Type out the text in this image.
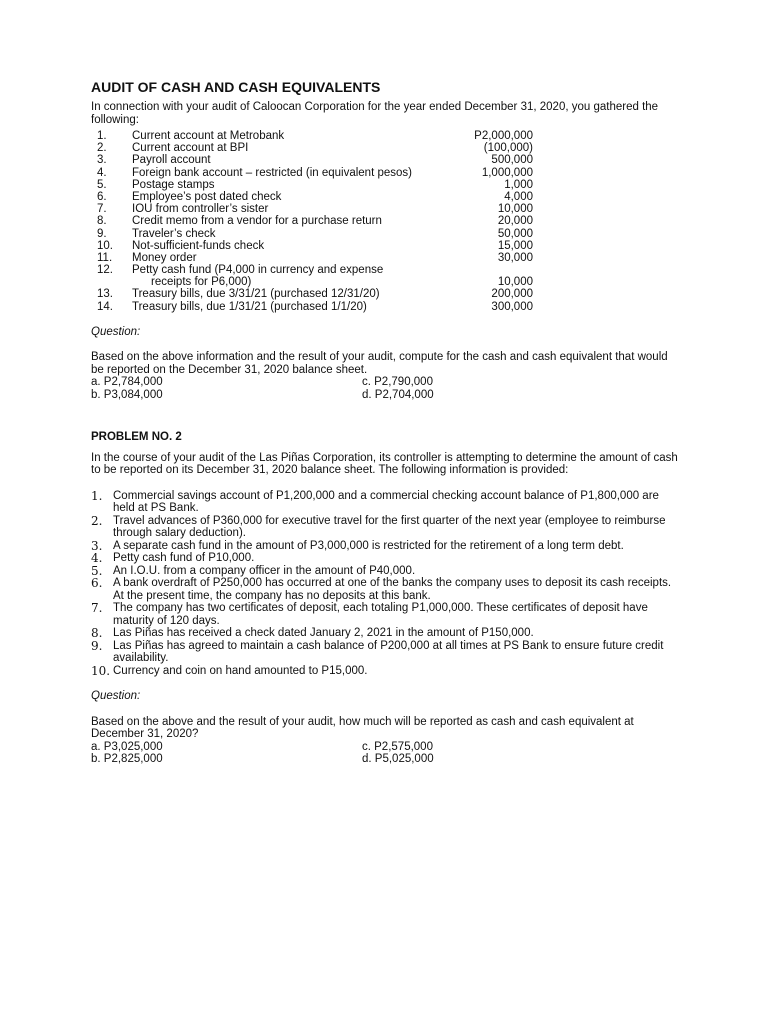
AUDIT OF CASH AND CASH EQUIVALENTS

In connection with your audit of Caloocan Corporation for the year ended December 31, 2020, you gathered the following:

1.	Current account at Metrobank	P2,000,000
2.	Current account at BPI	(100,000)
3.	Payroll account	500,000
4.	Foreign bank account – restricted (in equivalent pesos)	1,000,000
5.	Postage stamps	1,000
6.	Employee’s post dated check	4,000
7.	IOU from controller’s sister	10,000
8.	Credit memo from a vendor for a purchase return	20,000
9.	Traveler’s check	50,000
10.	Not-sufficient-funds check	15,000
11.	Money order	30,000
12.	Petty cash fund (P4,000 in currency and expense
receipts for P6,000)	10,000
13.	Treasury bills, due 3/31/21 (purchased 12/31/20)	200,000
14.	Treasury bills, due 1/31/21 (purchased 1/1/20)	300,000

Question:

Based on the above information and the result of your audit, compute for the cash and cash equivalent that would be reported on the December 31, 2020 balance sheet.

a. P2,784,000	c. P2,790,000
b. P3,084,000	d. P2,704,000

PROBLEM NO. 2

In the course of your audit of the Las Piñas Corporation, its controller is attempting to determine the amount of cash to be reported on its December 31, 2020 balance sheet. The following information is provided:

1. Commercial savings account of P1,200,000 and a commercial checking account balance of P1,800,000 are held at PS Bank.
2. Travel advances of P360,000 for executive travel for the first quarter of the next year (employee to reimburse through salary deduction).
3. A separate cash fund in the amount of P3,000,000 is restricted for the retirement of a long term debt.
4. Petty cash fund of P10,000.
5. An I.O.U. from a company officer in the amount of P40,000.
6. A bank overdraft of P250,000 has occurred at one of the banks the company uses to deposit its cash receipts. At the present time, the company has no deposits at this bank.
7. The company has two certificates of deposit, each totaling P1,000,000. These certificates of deposit have maturity of 120 days.
8. Las Piñas has received a check dated January 2, 2021 in the amount of P150,000.
9. Las Piñas has agreed to maintain a cash balance of P200,000 at all times at PS Bank to ensure future credit availability.
10. Currency and coin on hand amounted to P15,000.

Question:

Based on the above and the result of your audit, how much will be reported as cash and cash equivalent at December 31, 2020?

a. P3,025,000	c. P2,575,000
b. P2,825,000	d. P5,025,000
